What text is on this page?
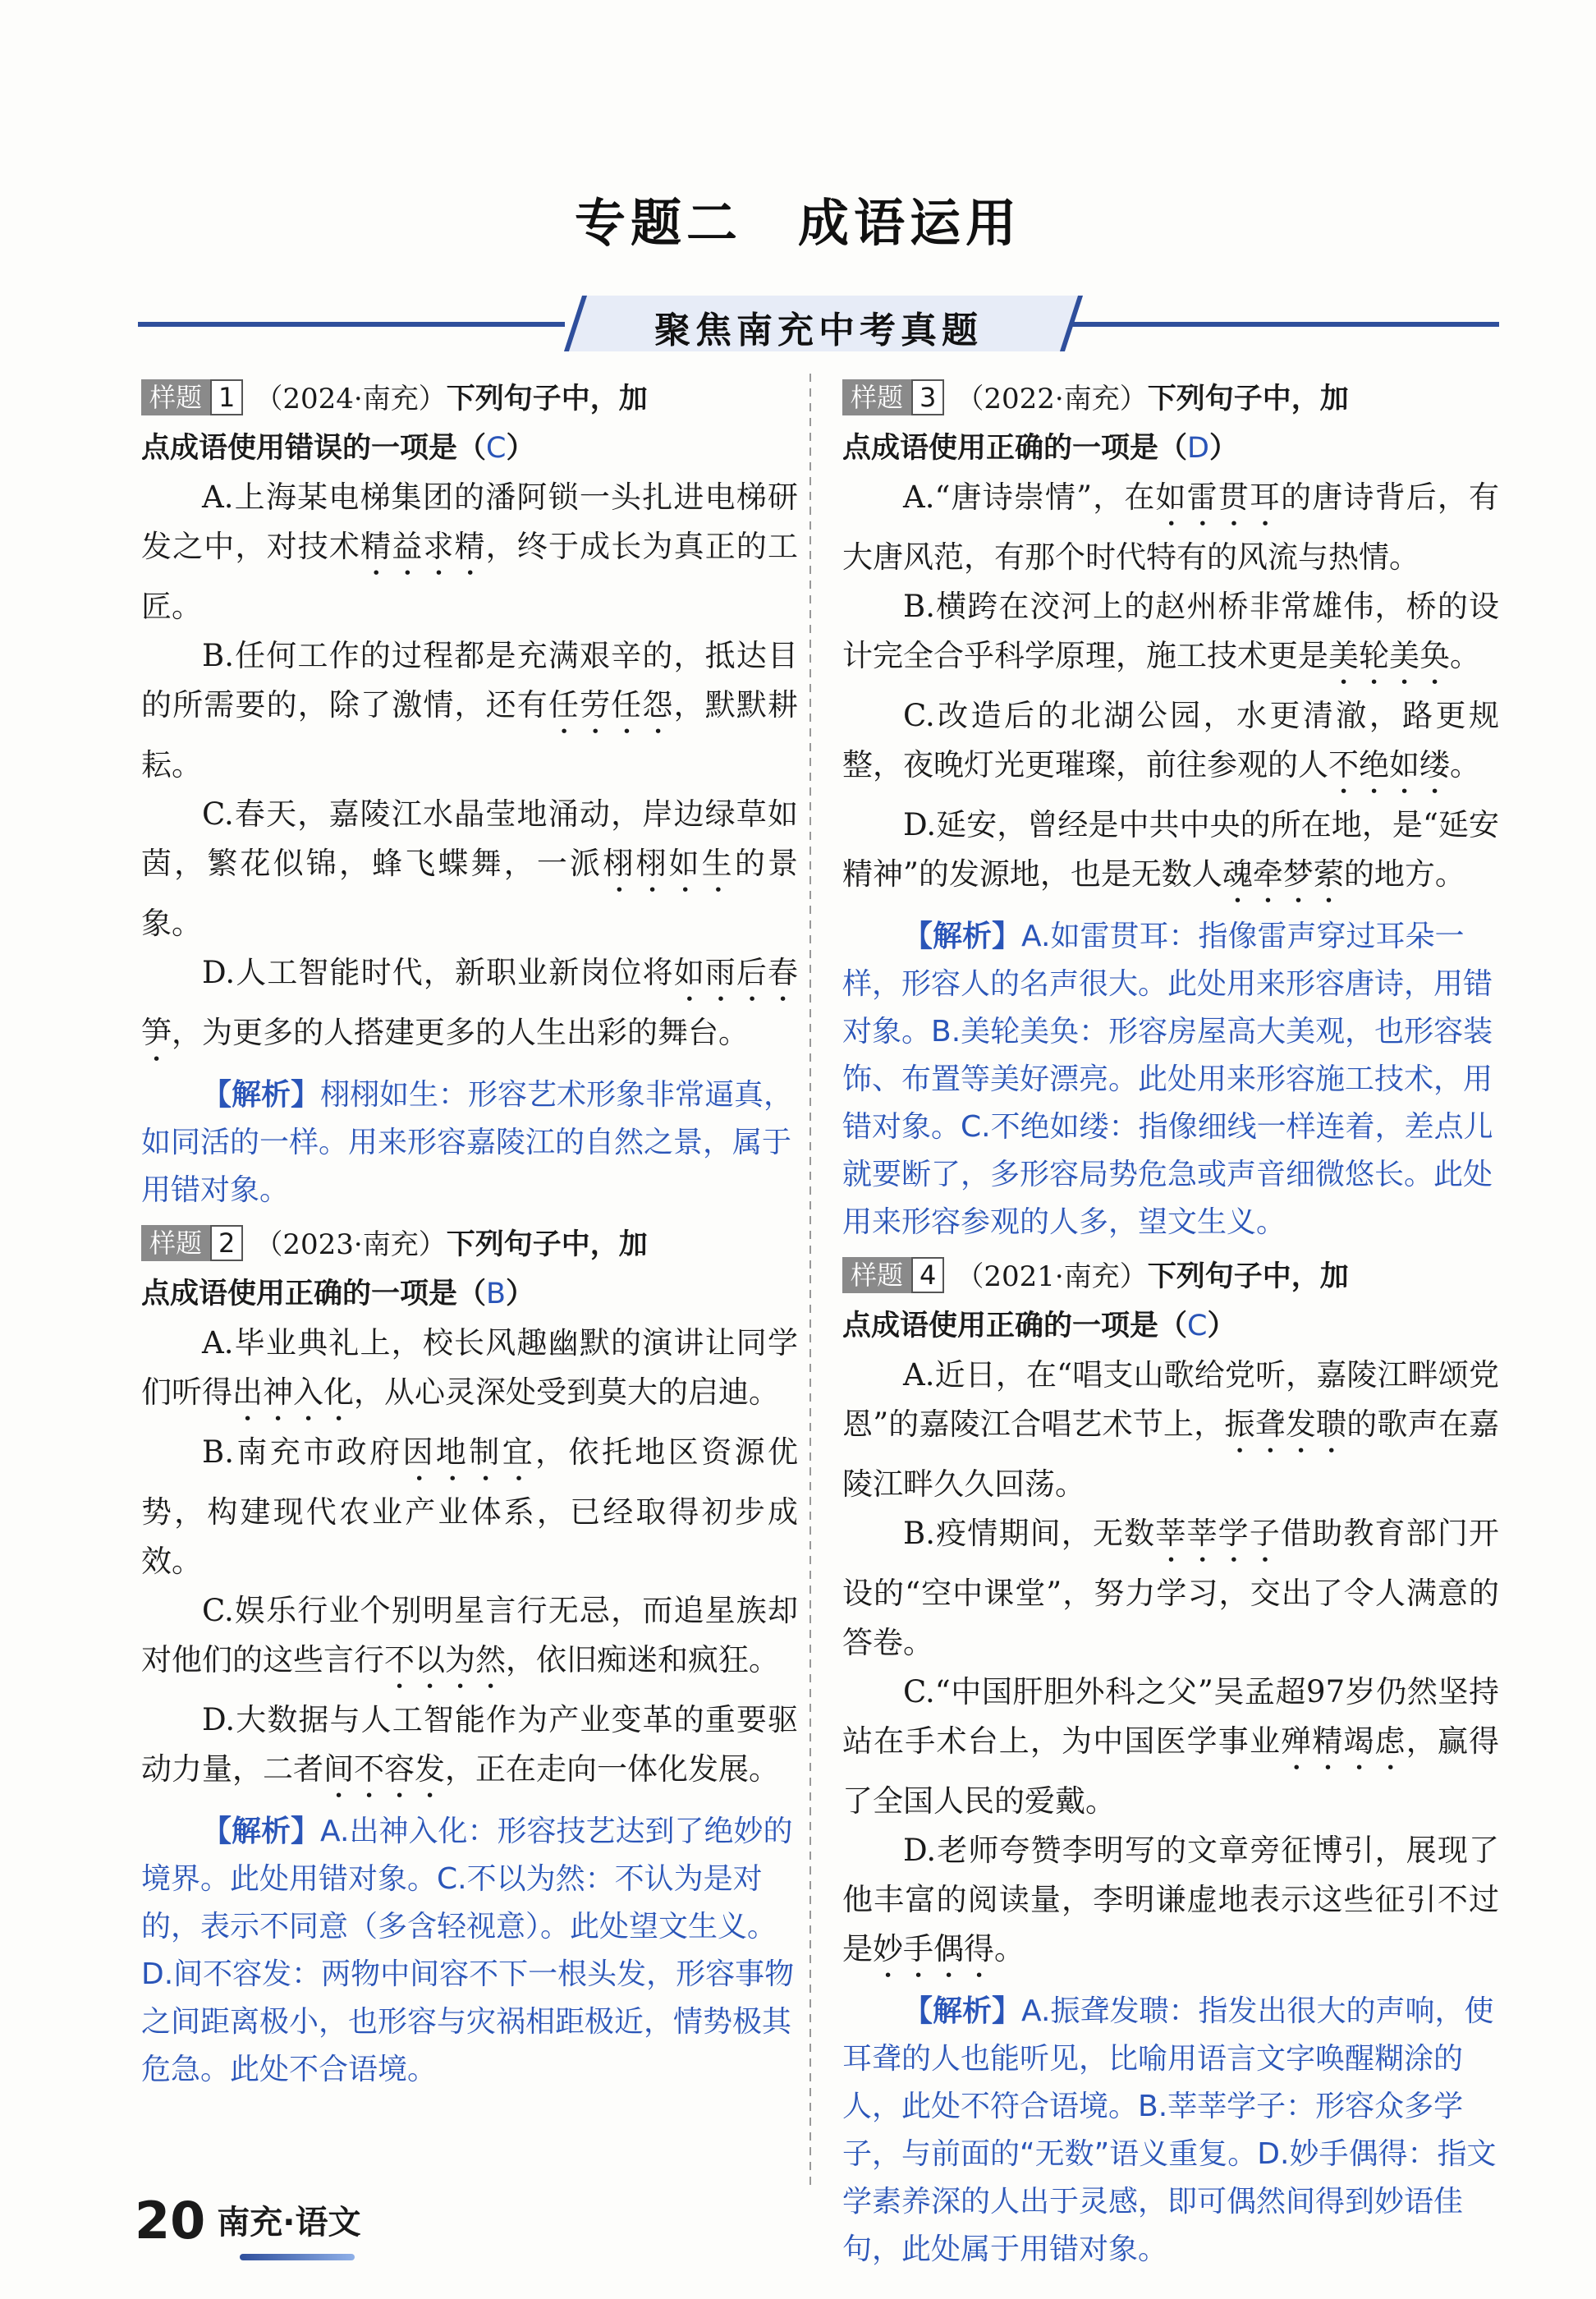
专题二　成语运用
聚焦南充中考真题
样题 1 （2024·南充）下列句子中，加
点成语使用错误的一项是（C）
A.上海某电梯集团的潘阿锁一头扎进电梯研发之中，对技术精益求精，终于成长为真正的工匠。
B.任何工作的过程都是充满艰辛的，抵达目的所需要的，除了激情，还有任劳任怨，默默耕耘。
C.春天，嘉陵江水晶莹地涌动，岸边绿草如茵，繁花似锦，蜂飞蝶舞，一派栩栩如生的景象。
D.人工智能时代，新职业新岗位将如雨后春笋，为更多的人搭建更多的人生出彩的舞台。
【解析】栩栩如生：形容艺术形象非常逼真，如同活的一样。用来形容嘉陵江的自然之景，属于用错对象。
样题 2 （2023·南充）下列句子中，加
点成语使用正确的一项是（B）
A.毕业典礼上，校长风趣幽默的演讲让同学们听得出神入化，从心灵深处受到莫大的启迪。
B.南充市政府因地制宜，依托地区资源优势，构建现代农业产业体系，已经取得初步成效。
C.娱乐行业个别明星言行无忌，而追星族却对他们的这些言行不以为然，依旧痴迷和疯狂。
D.大数据与人工智能作为产业变革的重要驱动力量，二者间不容发，正在走向一体化发展。
【解析】A.出神入化：形容技艺达到了绝妙的境界。此处用错对象。C.不以为然：不认为是对的，表示不同意（多含轻视意）。此处望文生义。D.间不容发：两物中间容不下一根头发，形容事物之间距离极小，也形容与灾祸相距极近，情势极其危急。此处不合语境。
样题 3 （2022·南充）下列句子中，加
点成语使用正确的一项是（D）
A.“唐诗崇情”，在如雷贯耳的唐诗背后，有大唐风范，有那个时代特有的风流与热情。
B.横跨在洨河上的赵州桥非常雄伟，桥的设计完全合乎科学原理，施工技术更是美轮美奂。
C.改造后的北湖公园，水更清澈，路更规整，夜晚灯光更璀璨，前往参观的人不绝如缕。
D.延安，曾经是中共中央的所在地，是“延安精神”的发源地，也是无数人魂牵梦萦的地方。
【解析】A.如雷贯耳：指像雷声穿过耳朵一样，形容人的名声很大。此处用来形容唐诗，用错对象。B.美轮美奂：形容房屋高大美观，也形容装饰、布置等美好漂亮。此处用来形容施工技术，用错对象。C.不绝如缕：指像细线一样连着，差点儿就要断了，多形容局势危急或声音细微悠长。此处用来形容参观的人多，望文生义。
样题 4 （2021·南充）下列句子中，加
点成语使用正确的一项是（C）
A.近日，在“唱支山歌给党听，嘉陵江畔颂党恩”的嘉陵江合唱艺术节上，振聋发聩的歌声在嘉陵江畔久久回荡。
B.疫情期间，无数莘莘学子借助教育部门开设的“空中课堂”，努力学习，交出了令人满意的答卷。
C.“中国肝胆外科之父”吴孟超97岁仍然坚持站在手术台上，为中国医学事业殚精竭虑，赢得了全国人民的爱戴。
D.老师夸赞李明写的文章旁征博引，展现了他丰富的阅读量，李明谦虚地表示这些征引不过是妙手偶得。
【解析】A.振聋发聩：指发出很大的声响，使耳聋的人也能听见，比喻用语言文字唤醒糊涂的人，此处不符合语境。B.莘莘学子：形容众多学子，与前面的“无数”语义重复。D.妙手偶得：指文学素养深的人出于灵感，即可偶然间得到妙语佳句，此处属于用错对象。
20 南充·语文
